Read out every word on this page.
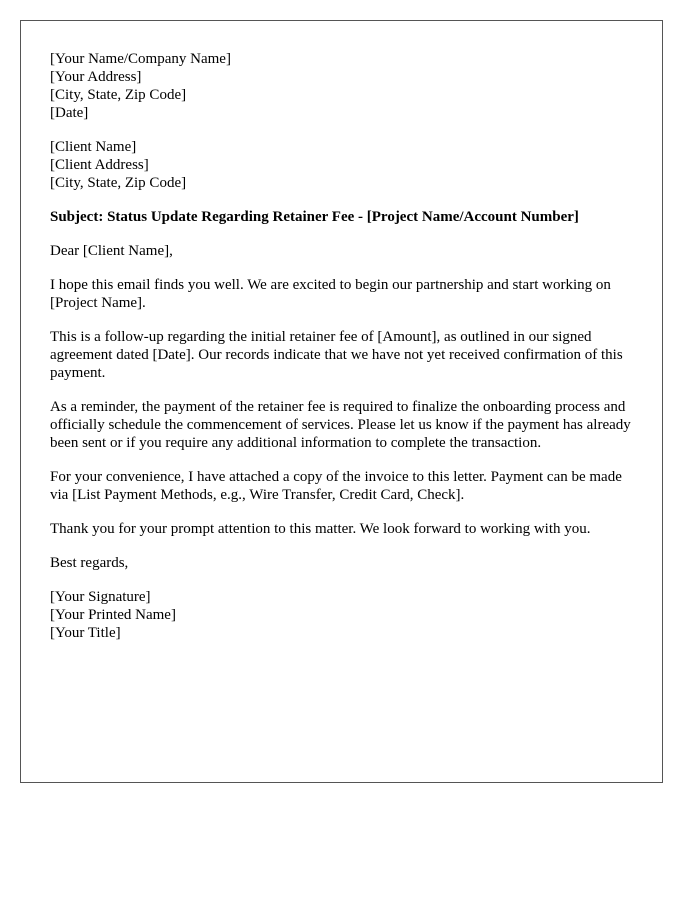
[Your Name/Company Name]
[Your Address]
[City, State, Zip Code]
[Date]

[Client Name]
[Client Address]
[City, State, Zip Code]

Subject: Status Update Regarding Retainer Fee - [Project Name/Account Number]

Dear [Client Name],

I hope this email finds you well. We are excited to begin our partnership and start working on [Project Name].

This is a follow-up regarding the initial retainer fee of [Amount], as outlined in our signed agreement dated [Date]. Our records indicate that we have not yet received confirmation of this payment.

As a reminder, the payment of the retainer fee is required to finalize the onboarding process and officially schedule the commencement of services. Please let us know if the payment has already been sent or if you require any additional information to complete the transaction.

For your convenience, I have attached a copy of the invoice to this letter. Payment can be made via [List Payment Methods, e.g., Wire Transfer, Credit Card, Check].

Thank you for your prompt attention to this matter. We look forward to working with you.

Best regards,

[Your Signature]
[Your Printed Name]
[Your Title]
